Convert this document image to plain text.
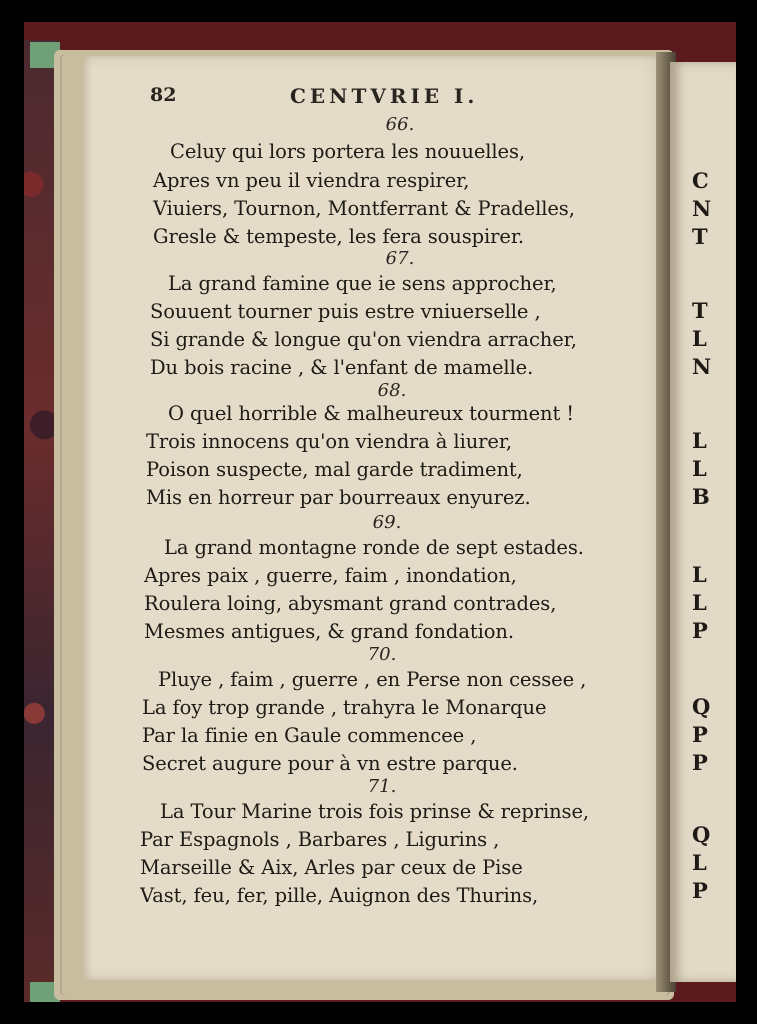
82	CENTVRIE I.
66.
Celuy qui lors portera les nouuelles,
Apres vn peu il viendra respirer,
Viuiers, Tournon, Montferrant & Pradelles,
Gresle & tempeste, les fera souspirer.
67.
La grand famine que ie sens approcher,
Souuent tourner puis estre vniuerselle ,
Si grande & longue qu'on viendra arracher,
Du bois racine , & l'enfant de mamelle.
68.
O quel horrible & malheureux tourment !
Trois innocens qu'on viendra à liurer,
Poison suspecte, mal garde tradiment,
Mis en horreur par bourreaux enyurez.
69.
La grand montagne ronde de sept estades.
Apres paix , guerre, faim , inondation,
Roulera loing, abysmant grand contrades,
Mesmes antigues, & grand fondation.
70.
Pluye , faim , guerre , en Perse non cessee ,
La foy trop grande , trahyra le Monarque
Par la finie en Gaule commencee ,
Secret augure pour à vn estre parque.
71.
La Tour Marine trois fois prinse & reprinse,
Par Espagnols , Barbares , Ligurins ,
Marseille & Aix, Arles par ceux de Pise
Vast, feu, fer, pille, Auignon des Thurins,
C
N
T
T
L
N
L
L
B
L
L
P
Q
P
P
Q
L
P
